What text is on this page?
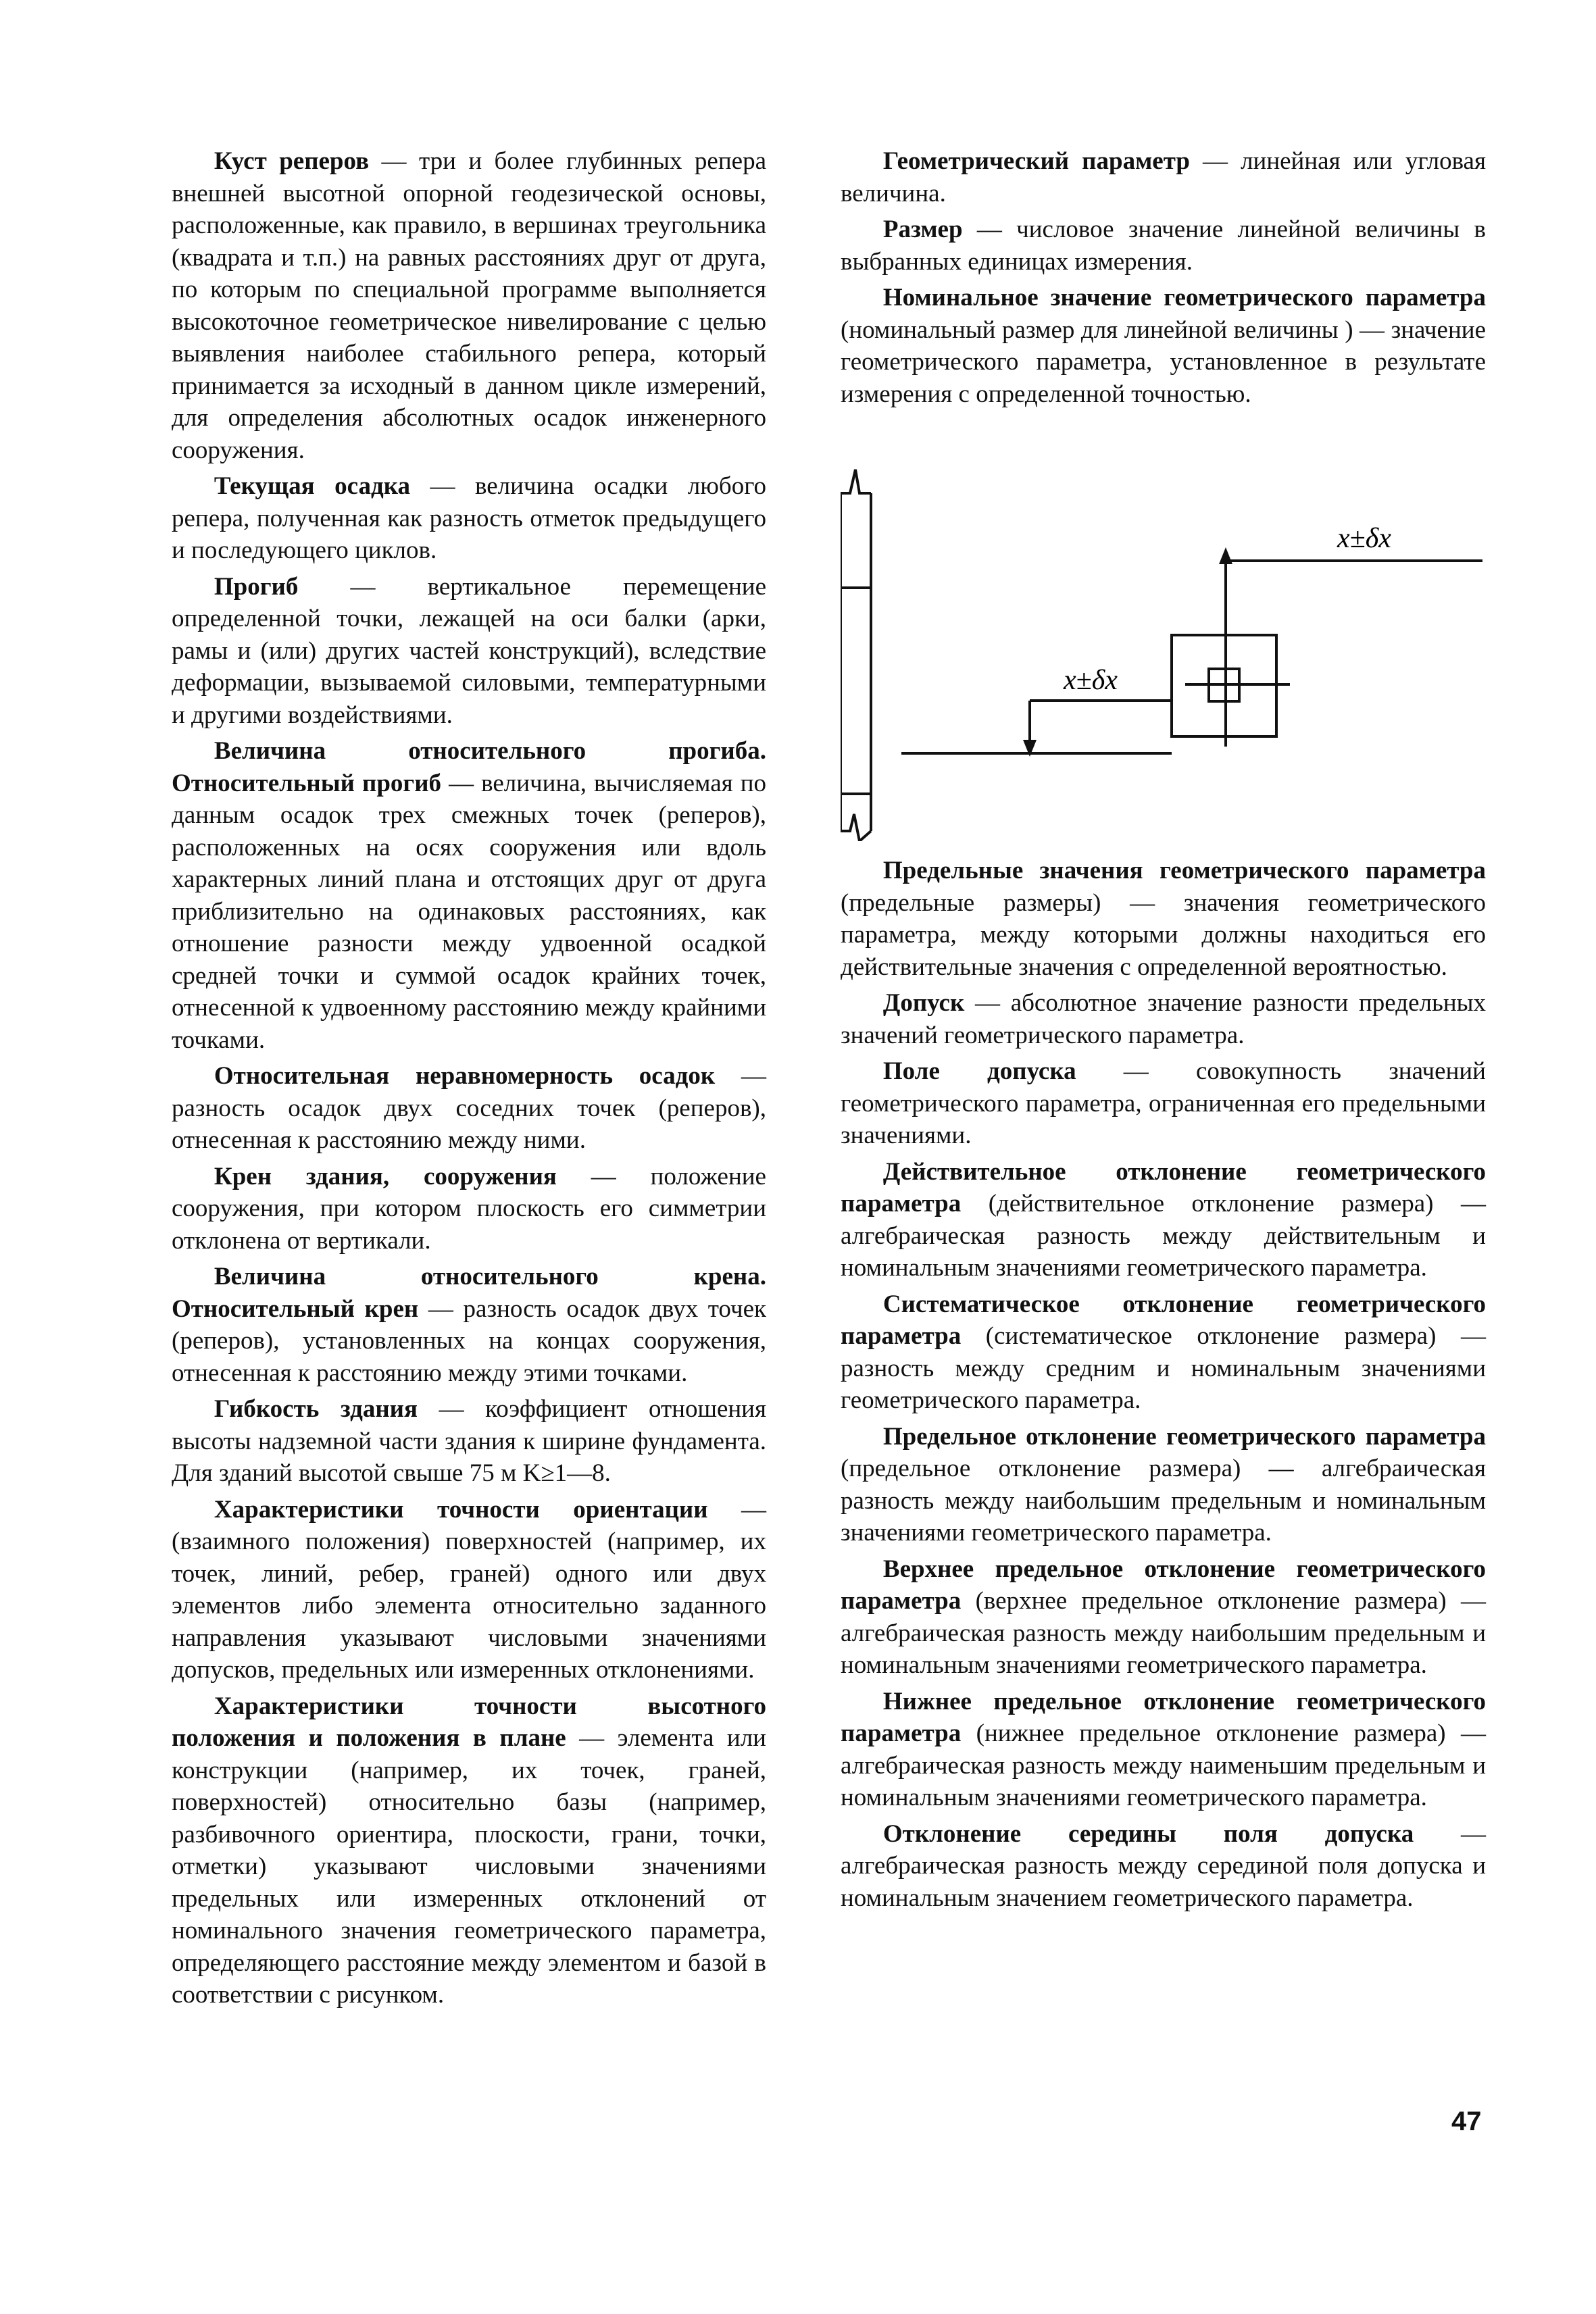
Куст реперов — три и более глубинных репера внешней высотной опорной геодезической основы, расположенные, как правило, в вершинах треугольника (квадрата и т.п.) на равных расстояниях друг от друга, по которым по специальной программе выполняется высокоточное геометрическое нивелирование с целью выявления наиболее стабильного репера, который принимается за исходный в данном цикле измерений, для определения абсолютных осадок инженерного сооружения.

Текущая осадка — величина осадки любого репера, полученная как разность отметок предыдущего и последующего циклов.

Прогиб — вертикальное перемещение определенной точки, лежащей на оси балки (арки, рамы и (или) других частей конструкций), вследствие деформации, вызываемой силовыми, температурными и другими воздействиями.

Величина относительного прогиба. Относительный прогиб — величина, вычисляемая по данным осадок трех смежных точек (реперов), расположенных на осях сооружения или вдоль характерных линий плана и отстоящих друг от друга приблизительно на одинаковых расстояниях, как отношение разности между удвоенной осадкой средней точки и суммой осадок крайних точек, отнесенной к удвоенному расстоянию между крайними точками.

Относительная неравномерность осадок — разность осадок двух соседних точек (реперов), отнесенная к расстоянию между ними.

Крен здания, сооружения — положение сооружения, при котором плоскость его симметрии отклонена от вертикали.

Величина относительного крена. Относительный крен — разность осадок двух точек (реперов), установленных на концах сооружения, отнесенная к расстоянию между этими точками.

Гибкость здания — коэффициент отношения высоты надземной части здания к ширине фундамента. Для зданий высотой свыше 75 м K≥1—8.

Характеристики точности ориентации — (взаимного положения) поверхностей (например, их точек, линий, ребер, граней) одного или двух элементов либо элемента относительно заданного направления указывают числовыми значениями допусков, предельных или измеренных отклонениями.

Характеристики точности высотного положения и положения в плане — элемента или конструкции (например, их точек, граней, поверхностей) относительно базы (например, разбивочного ориентира, плоскости, грани, точки, отметки) указывают числовыми значениями предельных или измеренных отклонений от номинального значения геометрического параметра, определяющего расстояние между элементом и базой в соответствии с рисунком.

Геометрический параметр — линейная или угловая величина.

Размер — числовое значение линейной величины в выбранных единицах измерения.

Номинальное значение геометрического параметра (номинальный размер для линейной величины ) — значение геометрического параметра, установленное в результате измерения с определенной точностью.

x±δx
x±δx

Предельные значения геометрического параметра (предельные размеры) — значения геометрического параметра, между которыми должны находиться его действительные значения с определенной вероятностью.

Допуск — абсолютное значение разности предельных значений геометрического параметра.

Поле допуска — совокупность значений геометрического параметра, ограниченная его предельными значениями.

Действительное отклонение геометрического параметра (действительное отклонение размера) — алгебраическая разность между действительным и номинальным значениями геометрического параметра.

Систематическое отклонение геометрического параметра (систематическое отклонение размера) — разность между средним и номинальным значениями геометрического параметра.

Предельное отклонение геометрического параметра (предельное отклонение размера) — алгебраическая разность между наибольшим предельным и номинальным значениями геометрического параметра.

Верхнее предельное отклонение геометрического параметра (верхнее предельное отклонение размера) — алгебраическая разность между наибольшим предельным и номинальным значениями геометрического параметра.

Нижнее предельное отклонение геометрического параметра (нижнее предельное отклонение размера) — алгебраическая разность между наименьшим предельным и номинальным значениями геометрического параметра.

Отклонение середины поля допуска — алгебраическая разность между серединой поля допуска и номинальным значением геометрического параметра.

47
